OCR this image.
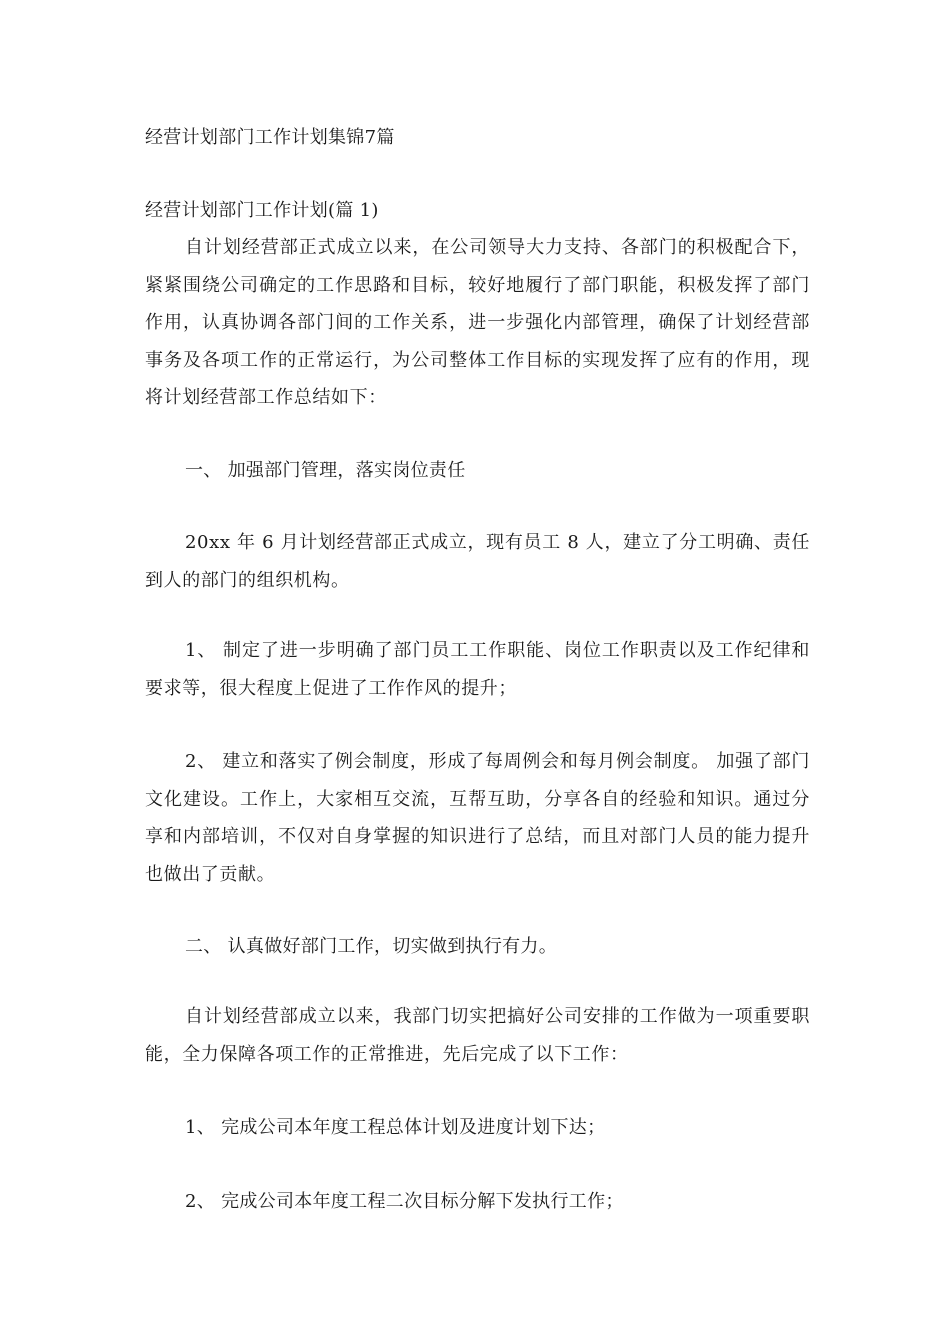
经营计划部门工作计划集锦7篇
经营计划部门工作计划(篇 1)

自计划经营部正式成立以来，在公司领导大力支持、各部门的积极配合下，紧紧围绕公司确定的工作思路和目标，较好地履行了部门职能，积极发挥了部门作用，认真协调各部门间的工作关系，进一步强化内部管理，确保了计划经营部事务及各项工作的正常运行，为公司整体工作目标的实现发挥了应有的作用，现将计划经营部工作总结如下：

一、 加强部门管理，落实岗位责任

20xx 年 6 月计划经营部正式成立，现有员工 8 人，建立了分工明确、责任到人的部门的组织机构。

1、 制定了进一步明确了部门员工工作职能、岗位工作职责以及工作纪律和要求等，很大程度上促进了工作作风的提升；

2、 建立和落实了例会制度，形成了每周例会和每月例会制度。 加强了部门文化建设。工作上，大家相互交流，互帮互助，分享各自的经验和知识。通过分享和内部培训，不仅对自身掌握的知识进行了总结，而且对部门人员的能力提升也做出了贡献。

二、 认真做好部门工作，切实做到执行有力。

自计划经营部成立以来，我部门切实把搞好公司安排的工作做为一项重要职能，全力保障各项工作的正常推进，先后完成了以下工作：

1、 完成公司本年度工程总体计划及进度计划下达；
2、 完成公司本年度工程二次目标分解下发执行工作；
